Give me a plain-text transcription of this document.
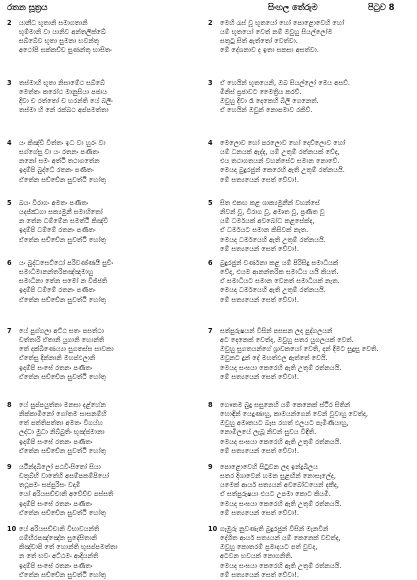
රතන සූත්‍රය	සිංහල තේරුම	පිටුව 8
2 යානීධ භූතානි සමාගතානි
භුම්මානි වා යානිව අන්තලික්ඛේ
සබ්බේව භූතා සුමනා භවන්තු
අථෝපි සක්කච්ච සුණන්තු භාසිතං
3 තස්මාහි භූතා නිසාමේථ සබ්බේ
මෙත්තං කරෝථ මානුසියා පජාය
දිවා ච රත්තෝ ච හරන්ති යේ බලිං
තස්මා හි නේ රක්ඛථ අප්පමත්තා
4 යං කිඤ්චි විත්තං ඉධ වා හුරං වා
සග්ගේසු වා යං රතනං පණීතං
නනෝ සමං අත්ථි තථාගතේන
ඉදම්පි බුද්ධේ රතනං පණීතං
ඒතේන සච්චේන සුවත්ථි හෝතු
5 ඛයං විරාගං අමතං පණීතං
යදජ්ඣගා සක්‍යමුනී සමාහිතෝ
න තේන ධම්මේන සමත්ථි කිඤ්චි
ඉදම්පි ධම්මේ රතනං පණීතං
ඒතේන සච්චේන සුවත්ථි හෝතු
6 යං බුද්ධසෙට්ඨෝ පරිවණ්ණයී සුචිං
සමාධිමානන්තරිකඤ්ඤමාහු
සමාධිනා තේන සමෝ න විජ්ජති
ඉදම්පි ධම්මේ රතනං පණීතං
ඒතේන සච්චේන සුවත්ථි හෝතු
7 යේ පුග්ගලා අට්ඨ සතං පසත්ථා
චත්තාරි ඒතානි යුගානි හොන්ති
තේ දක්ඛිණෙය්‍යා සුගතස්ස සාවකා
ඒතේසු දින්නානි මහප්ඵලානි
ඉදම්පි සංඝේ රතනං පණීතං
ඒතේන සච්චේන සුවත්ථි හෝතු
8 යේ සුප්පයුත්තා මනසා දළ්හේන
නික්කාමිනෝ ගෝතම සාසනම්හි
තේ පත්තිපත්තා අමතං විගය්හ
ලද්ධා මුධා නිබ්බුතිං භුඤ්ජමානා
ඉදම්පි සංඝේ රතනං පණීතං
ඒතේන සච්චේන සුවත්ථි හෝතු
9 යථින්දඛීලෝ පඨවිංසිතෝ සියා
චතුබ්භි වාතේහි අසම්පකම්පියෝ
තථූපමං සප්පුරිසං වදාමි
යෝ අරියසච්චානි අවේච්ච පස්සති
ඉදම්පි සංඝේ රතනං පණීතං
ඒතේන සච්චේන සුවත්ථි හෝතු
10 යේ අරියසච්චානි විභාවයන්ති
ගම්භීරපඤ්ඤේන සුදේසිතානි
කිඤ්චාපි තේ හොන්ති භුසප්පමත්තා
න තේ භවං අට්ඨමං ආදියන්ති
ඉදම්පි සංඝේ රතනං පණීතං
ඒතේන සච්චේන සුවත්ථි හෝතු
2 මෙහි රැස් වූ භූතයෝ හෝ පොළොවෙහි හෝ
යම් භූතයෝ වෙත් නම් ඔවුහු සියල්ලෝම
සතුටු සිත් ඇත්තෝ වෙත්වා.
මේ දේශනාව ද ඉතා සකසා අසත්වා.
3 ඒ හෙයින් භූතයෙනි, ඔබ සියල්ලෝ මෙය අසව්.
මිනිස් ප්‍රජාවට මෛත්‍රිය කරව්.
ඔවුහු දිවා රෑ දෙකෙහි බිලි ගෙනෙත්.
ඒ හෙයින් ඔවුන් නොපමාව රකිව්.
4 මෙලොව හෝ පරලොව හෝ දෙව්ලොව හෝ
යම් ධනයක් ඇද්ද, යම් උතුම් රත්නයක් වේද,
එය තථාගතයන් වහන්සේට සමාන නොවේ.
මෙයද බුදුරජුන් කෙරෙහි ඇති උතුම් රත්නයයි.
මේ සත්‍යයෙන් සෙත් වේවා!.
5 සිත එකඟ කළ ශාක්‍යමුනීන් වහන්සේ
නිවන් වූ, විරාග වූ, අමෘත වූ, ප්‍රණීත වූ
යම් ධර්මයක් අවබෝධ කළසේක්ද,
ඒ ධර්මයට සමාන කිසිවක් නැත.
මෙයද ධර්මයෙහි ඇති උතුම් රත්නයයි.
මේ සත්‍යයෙන් සෙත් වේවා!.
6 බුදුරජුන් වර්ණනා කළ යම් පිරිසිදු සමාධියක්
වේද, එයම ආනන්තරික සමාධිය යයි කියත්.
ඒ සමාධියට සමාන වෙනත් සමාධියක් නැත.
මෙයද ධර්මයෙහි ඇති උතුම් රත්නයයි.
මේ සත්‍යයෙන් සෙත් වේවා!.
7 සත්පුරුෂයන් විසින් පසසන ලද පුද්ගලයන්
අට දෙනෙක් වෙත්ද, ඔවුහු සතර යුගලයක් වෙත්.
ඔවුහු සුගතයන්ගේ ශ්‍රාවකයෝ වෙති, දන් දීමට සුදුසු වෙති.
ඔවුනට දුන් දේ මහත්ඵල ඇත්තේ වෙයි.
මෙයද සංඝයා කෙරෙහි ඇති උතුම් රත්නයයි.
මේ සත්‍යයෙන් සෙත් වේවා!.
8 ගෞතම බුදු සසුනෙහි යම් කෙනෙක් ස්ථිර සිතින්
හොඳින් යෙදුණාහු, කාමයන්ගෙන් වෙන් වූවාහු වෙත්ද,
ඔවුහු අමෘතයට බැස රහත් ඵලයට පැමිණියාහු,
නොමිලයේ ලැබූ නිවන් සුවය විඳිති.
මෙයද සංඝයා කෙරෙහි ඇති උතුම් රත්නයයි.
මේ සත්‍යයෙන් සෙත් වේවා!.
9 පොළොවෙහි සිටුවන ලද ඉන්ද්‍රඛීලය
සතර දිශාවෙන් හමන සුළඟින් නොසැලේද,
යමෙක් ආර්ය සත්‍යයන් අවබෝධයෙන් දකීද,
ඒ සත්පුරුෂයා එයට උපමා කොට කියමි.
මෙයද සංඝයා කෙරෙහි ඇති උතුම් රත්නයයි.
මේ සත්‍යයෙන් සෙත් වේවා!.
10 ගැඹුරු නුවණැති බුදුරජුන් විසින් මැනවින්
දේශිත ආර්ය සත්‍යයන් යම් කෙනෙක් වඩත්ද,
ඔවුහු කොතරම් ප්‍රමාදයට පත් වුවද,
අටවන භවයක් නොගනිති.
මෙයද සංඝයා කෙරෙහි ඇති උතුම් රත්නයයි.
මේ සත්‍යයෙන් සෙත් වේවා!.
